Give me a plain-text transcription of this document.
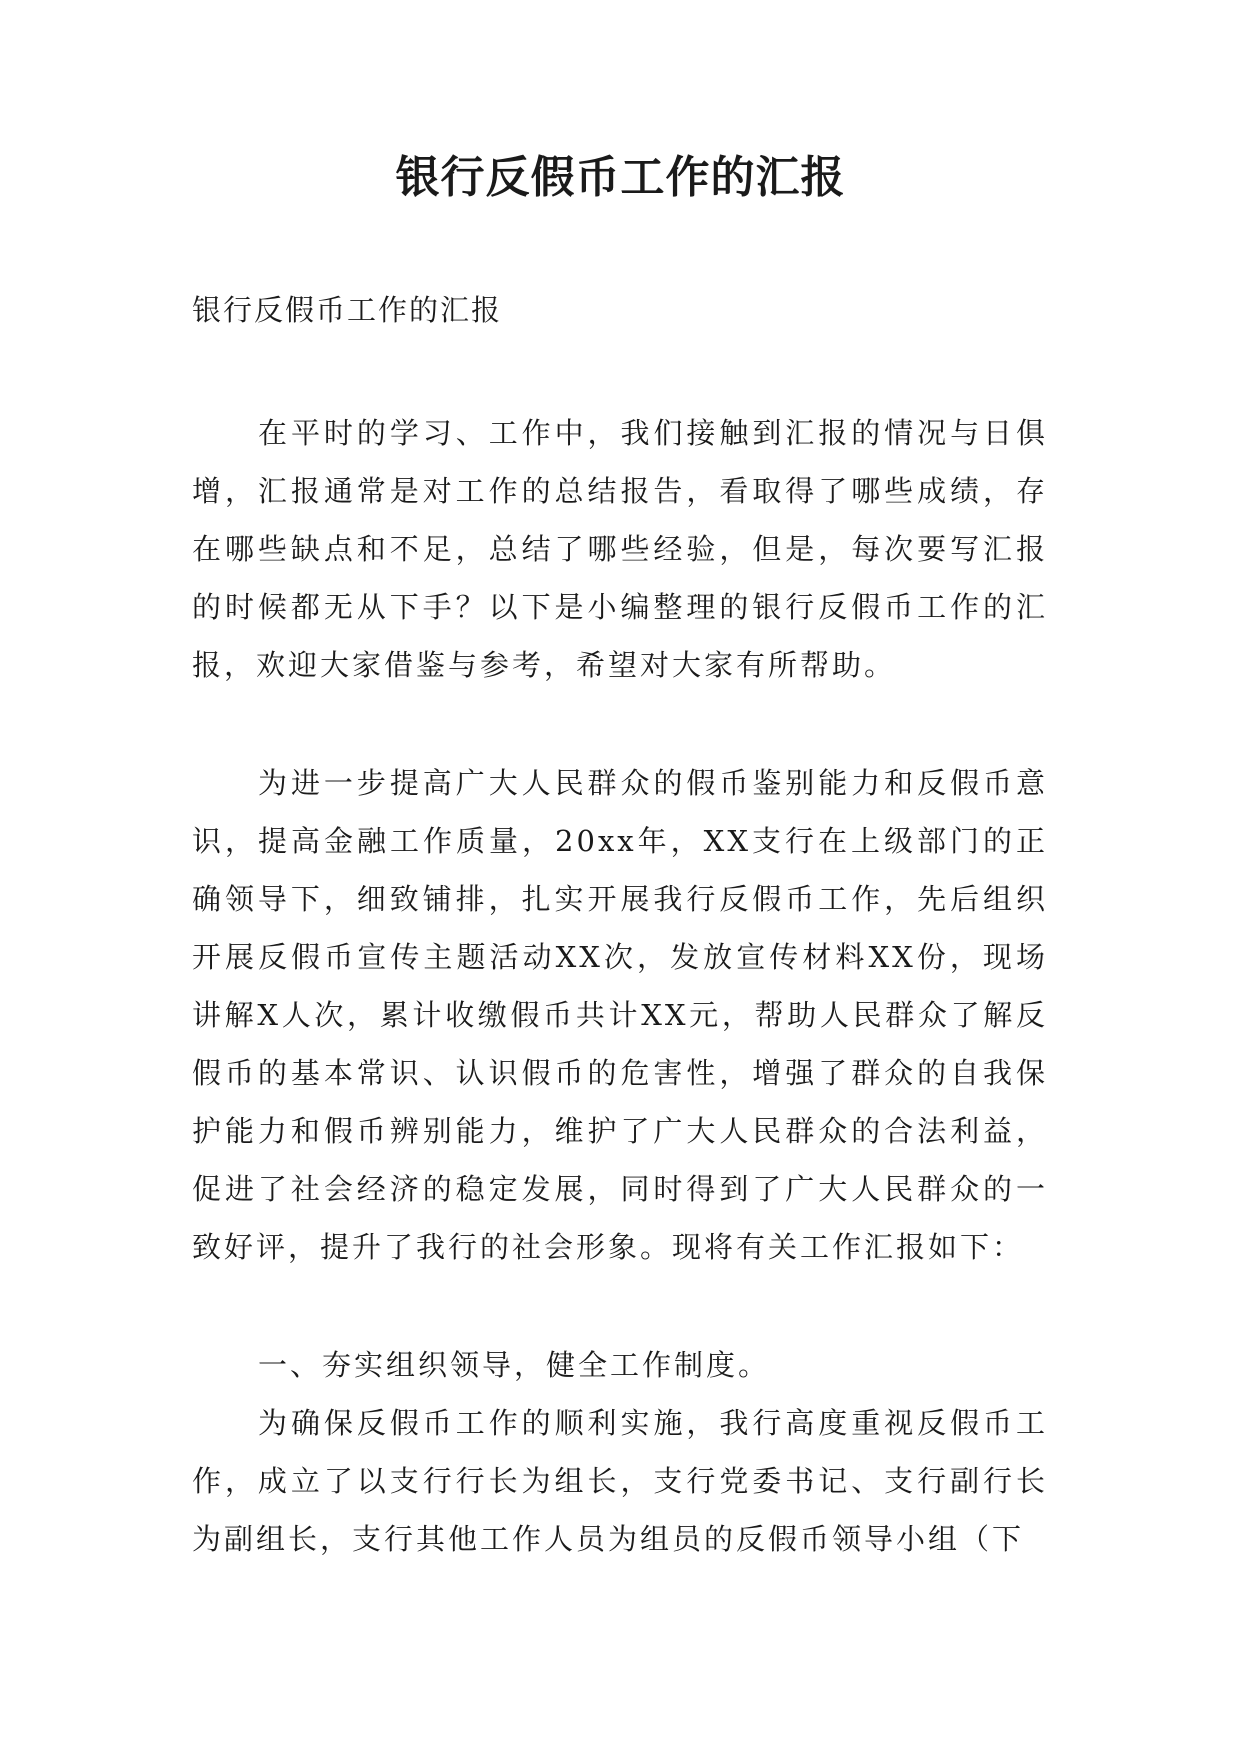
银行反假币工作的汇报

银行反假币工作的汇报

在平时的学习、工作中，我们接触到汇报的情况与日俱增，汇报通常是对工作的总结报告，看取得了哪些成绩，存在哪些缺点和不足，总结了哪些经验，但是，每次要写汇报的时候都无从下手？以下是小编整理的银行反假币工作的汇报，欢迎大家借鉴与参考，希望对大家有所帮助。

为进一步提高广大人民群众的假币鉴别能力和反假币意识，提高金融工作质量，20xx年，XX支行在上级部门的正确领导下，细致铺排，扎实开展我行反假币工作，先后组织开展反假币宣传主题活动XX次，发放宣传材料XX份，现场讲解X人次，累计收缴假币共计XX元，帮助人民群众了解反假币的基本常识、认识假币的危害性，增强了群众的自我保护能力和假币辨别能力，维护了广大人民群众的合法利益，促进了社会经济的稳定发展，同时得到了广大人民群众的一致好评，提升了我行的社会形象。现将有关工作汇报如下：

一、夯实组织领导，健全工作制度。

为确保反假币工作的顺利实施，我行高度重视反假币工作，成立了以支行行长为组长，支行党委书记、支行副行长为副组长，支行其他工作人员为组员的反假币领导小组（下
